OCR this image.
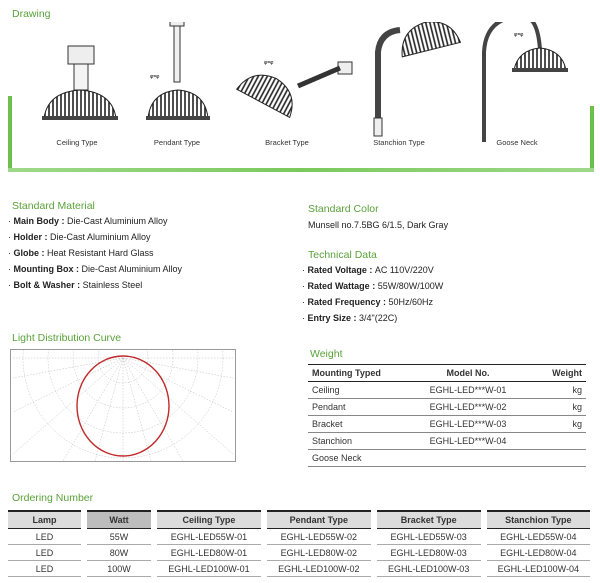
Drawing
φ=φ
φ=φ
φ=φ
Ceiling Type	Pendant Type	Bracket Type	Stanchion Type	Goose Neck
Standard Material
· Main Body : Die-Cast Aluminium Alloy
· Holder : Die-Cast Aluminium Alloy
· Globe : Heat Resistant Hard Glass
· Mounting Box : Die-Cast Aluminium Alloy
· Bolt & Washer : Stainless Steel
Standard Color
Munsell no.7.5BG 6/1.5, Dark Gray
Technical Data
· Rated Voltage : AC 110V/220V
· Rated Wattage : 55W/80W/100W
· Rated Frequency : 50Hz/60Hz
· Entry Size : 3/4"(22C)
Light Distribution Curve
Weight
Mounting Typed	Model No.	Weight
Ceiling	EGHL-LED***W-01	kg
Pendant	EGHL-LED***W-02	kg
Bracket	EGHL-LED***W-03	kg
Stanchion	EGHL-LED***W-04	
Goose Neck		
Ordering Number
Lamp	Watt	Ceiling Type	Pendant Type	Bracket Type	Stanchion Type
LED	55W	EGHL-LED55W-01	EGHL-LED55W-02	EGHL-LED55W-03	EGHL-LED55W-04
LED	80W	EGHL-LED80W-01	EGHL-LED80W-02	EGHL-LED80W-03	EGHL-LED80W-04
LED	100W	EGHL-LED100W-01	EGHL-LED100W-02	EGHL-LED100W-03	EGHL-LED100W-04
